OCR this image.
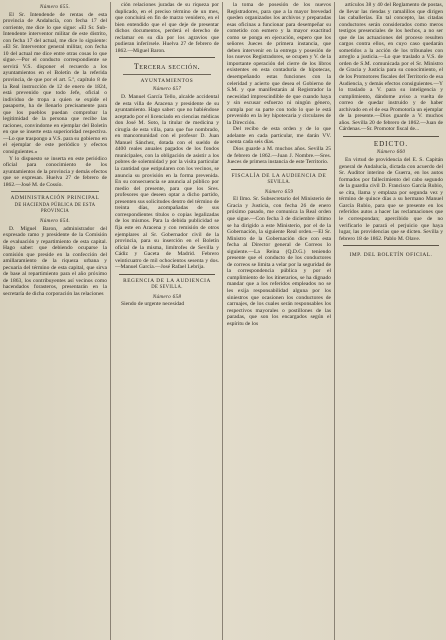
Número 655.

El Sr. Intendende de rentas de esta provincia de Andalucía, con fecha 17 del corriente, me dice lo que sigue: «El Sr. Sub-Intendente interventor militar de este distrito, con fecha 17 del actual, me dice lo siguiente: «El Sr. Interventor general militar, con fecha 10 del actual me dice entre otras cosas lo que sigue.—Por el conducto correspondiente se servirá V.S. disponer el recuerdo a los ayuntamientos en el Boletín de la referida provincia, de que por el art. 5.º, capítulo 8 de la Real instrucción de 12 de enero de 1824, está prevenido que todo Jefe, oficial o individuo de tropa a quien se expide el pasaporte, ha de llenarlo precisamente para que los pueblos puedan comprobar la legitimidad de la persona que recibe las raciones, convindome en ejemplar del Boletín en que se inserte esta superioridad respectiva.—Lo que traspongo a V.S. para su gobierno en el ejemplar de este periódico y efectos consiguientes.»

Y lo dispuesto se inserta en este periódico oficial para conocimiento de los ayuntamientos de la provincia y demás efectos que se expresan. Huelva 27 de febrero de 1862.—José M. de Cossío.

ADMINISTRACIÓN PRINCIPAL
DE HACIENDA PÚBLICA DE ESTA PROVINCIA
Número 654.

D. Miguel Baron, administrador del expresado ramo y presidente de la Comisión de evaluación y repartimiento de esta capital. Hago saber: que debiendo ocuparse la comisión que preside en la confección del amillaramiento de la riqueza urbana y pecuaria del término de esta capital, que sirva de base al repartimiento para el año próximo de 1863, los contribuyentes así vecinos como hacendados forasteros, presentarán en la secretaría de dicha corporación las relaciones

ción relaciones juradas de su riqueza por duplicado, en el preciso término de un mes, que concluirá en fin de marzo venidero, en el bien entendido que el que deje de presentar dichos documentos, perderá el derecho de reclamar en su día por los agravios que pudieran inferírsele. Huelva 27 de febrero de 1862.—Miguel Baron.

Tercera sección.
AYUNTAMIENTOS
Número 657

D. Manuel García Tello, alcalde accidental de esta villa de Aracena y presidente de su ayuntamiento. Hago saber: que no habiéndose aceptado por el licenciado en ciencias médicas don José M. Soto, la titular de medicina y cirugía de esta villa, para que fue nombrado, en mancomunidad con el profesor D. Juan Manuel Sánchez, dotada con el sueldo de 4400 reales anuales pagados de los fondos municipales, con la obligación de asistir a los pobres de solemnidad y por la visita particular la cantidad que estipularen con los vecinos, se anuncia su provisión en la forma prevenida. En su consecuencia se anuncia al público por medio del presente, para que los Sres. profesores que deseen optar a dicho partido, presenten sus solicitudes dentro del término de treinta días, acompañadas de sus correspondientes títulos o copias legalizadas de los mismos. Para la debida publicidad se fija este en Aracena y con remisión de otros ejemplares al Sr. Gobernador civil de la provincia, para su inserción en el Boletín oficial de la misma, limítrofes de Sevilla y Cádiz y Gaceta de Madrid. Febrero veinticuatro de mil ochocientos sesenta y dos.—Manuel García.—José Rafael Lebrija.

REGENCIA DE LA AUDIENCIA
DE SEVILLA.
Número 658

Siendo de urgente necesidad

la toma de posesión de los nuevos Registradores, para que a la mayor brevedad queden organizados los archivos y preparadas esas oficinas a funcionar para desempeñar su cometido con esmero y la mayor exactitud como se ponga en ejecución, espero que los señores Jueces de primera instancia, que deben intervenir en la entrega y posesión de los nuevos Registradores, se ocupen y V. de la importante operación del cierre de los libros existentes en esta contaduría de hipotecas, desempeñando estas funciones con la celeridad y acierto que desea el Gobierno de S.M. y que manifestarán al Registrador la necesidad imprescindible de que cuando haya y sin escusar esfuerzo ni ningún género, cumpla por su parte con todo lo que le está prevenido en la ley hipotecaria y circulares de la Dirección.

Del recibo de esta orden y de lo que adelante en cada particular, me darán VV. cuenta cada seis días.

Dios guarde a M. muchos años. Sevilla 25 de febrero de 1862.—Juan J. Nombre.—Sres. Jueces de primera instancia de este Territorio.

FISCALÍA DE LA AUDIENCIA DE
SEVILLA.
Número 659

El Ilmo. Sr. Subsecretario del Ministerio de Gracia y Justicia, con fecha 26 de enero próximo pasado, me comunica la Real orden que sigue.—Con fecha 3 de diciembre último se ha dirigido a este Ministerio, por el de la Gobernación, la siguiente Real orden.—El Sr. Ministro de la Gobernación dice con esta fecha al Director general de Correos lo siguiente.—La Reina (Q.D.G.) teniendo presente que el conducto de los conductores de correos se limita a velar por la seguridad de la correspondencia pública y por el cumplimiento de los itinerarios, se ha dignado mandar que a los referidos empleados no se les exija responsabilidad alguna por los siniestros que ocasionen los conductores de carruajes, de los cuales serán responsables los respectivos mayorales o postillones de las paradas, que son los encargados según el espíritu de los

artículos 38 y 40 del Reglamento de postas, de llevar las riendas y ramalillos que dirigen las caballerías. En tal concepto, las citadas conductores serán considerados como meros testigos presenciales de los hechos, a no ser que de las actuaciones del proceso resulten cargos contra ellos, en cuyo caso quedarán sometidos a la acción de los tribunales con arreglo a justicia.—Lo que traslado a V.S. de orden de S.M. comunicada por el Sr. Ministro de Gracia y Justicia para su conocimiento, el de los Promotores fiscales del Territorio de esa Audiencia, y demás efectos consiguientes.—Y lo traslado a V. para su inteligencia y cumplimiento, dándome aviso a vuelta de correo de quedar instruido y de haber archivado en el de esa Promotoría un ejemplar de la presente.—Dios guarde a V. muchos años. Sevilla 20 de febrero de 1862.—Juan de Cárdenas.—Sr. Promotor fiscal de...

EDICTO.
Número 660

En virtud de providencia del E. S. Capitán general de Andalucía, dictada con acuerdo del Sr. Auditor interino de Guerra, en los autos formados por fallecimiento del cabo segundo de la guardia civil D. Francisco García Rubio, se cita, llama y emplaza por segunda vez y término de quince días a su hermano Manuel García Rubio, para que se presente en los referidos autos a hacer las reclamaciones que le correspondan; apercibido que de no verificarlo le parará el perjuicio que haya lugar, las providencias que se dicten. Sevilla y febrero 18 de 1862. Pablo M. Olave.

IMP. DEL BOLETÍN OFICIAL.
